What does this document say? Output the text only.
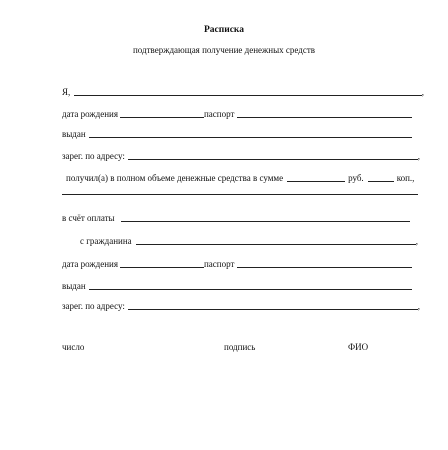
Расписка
подтверждающая получение денежных средств
Я,	,
дата рождения	паспорт
выдан
зарег. по адресу:	,
получил(а) в полном объеме денежные средства в сумме	руб.	коп.,
в счёт оплаты
с гражданина	,
дата рождения	паспорт
выдан
зарег. по адресу:	,
число	подпись	ФИО
